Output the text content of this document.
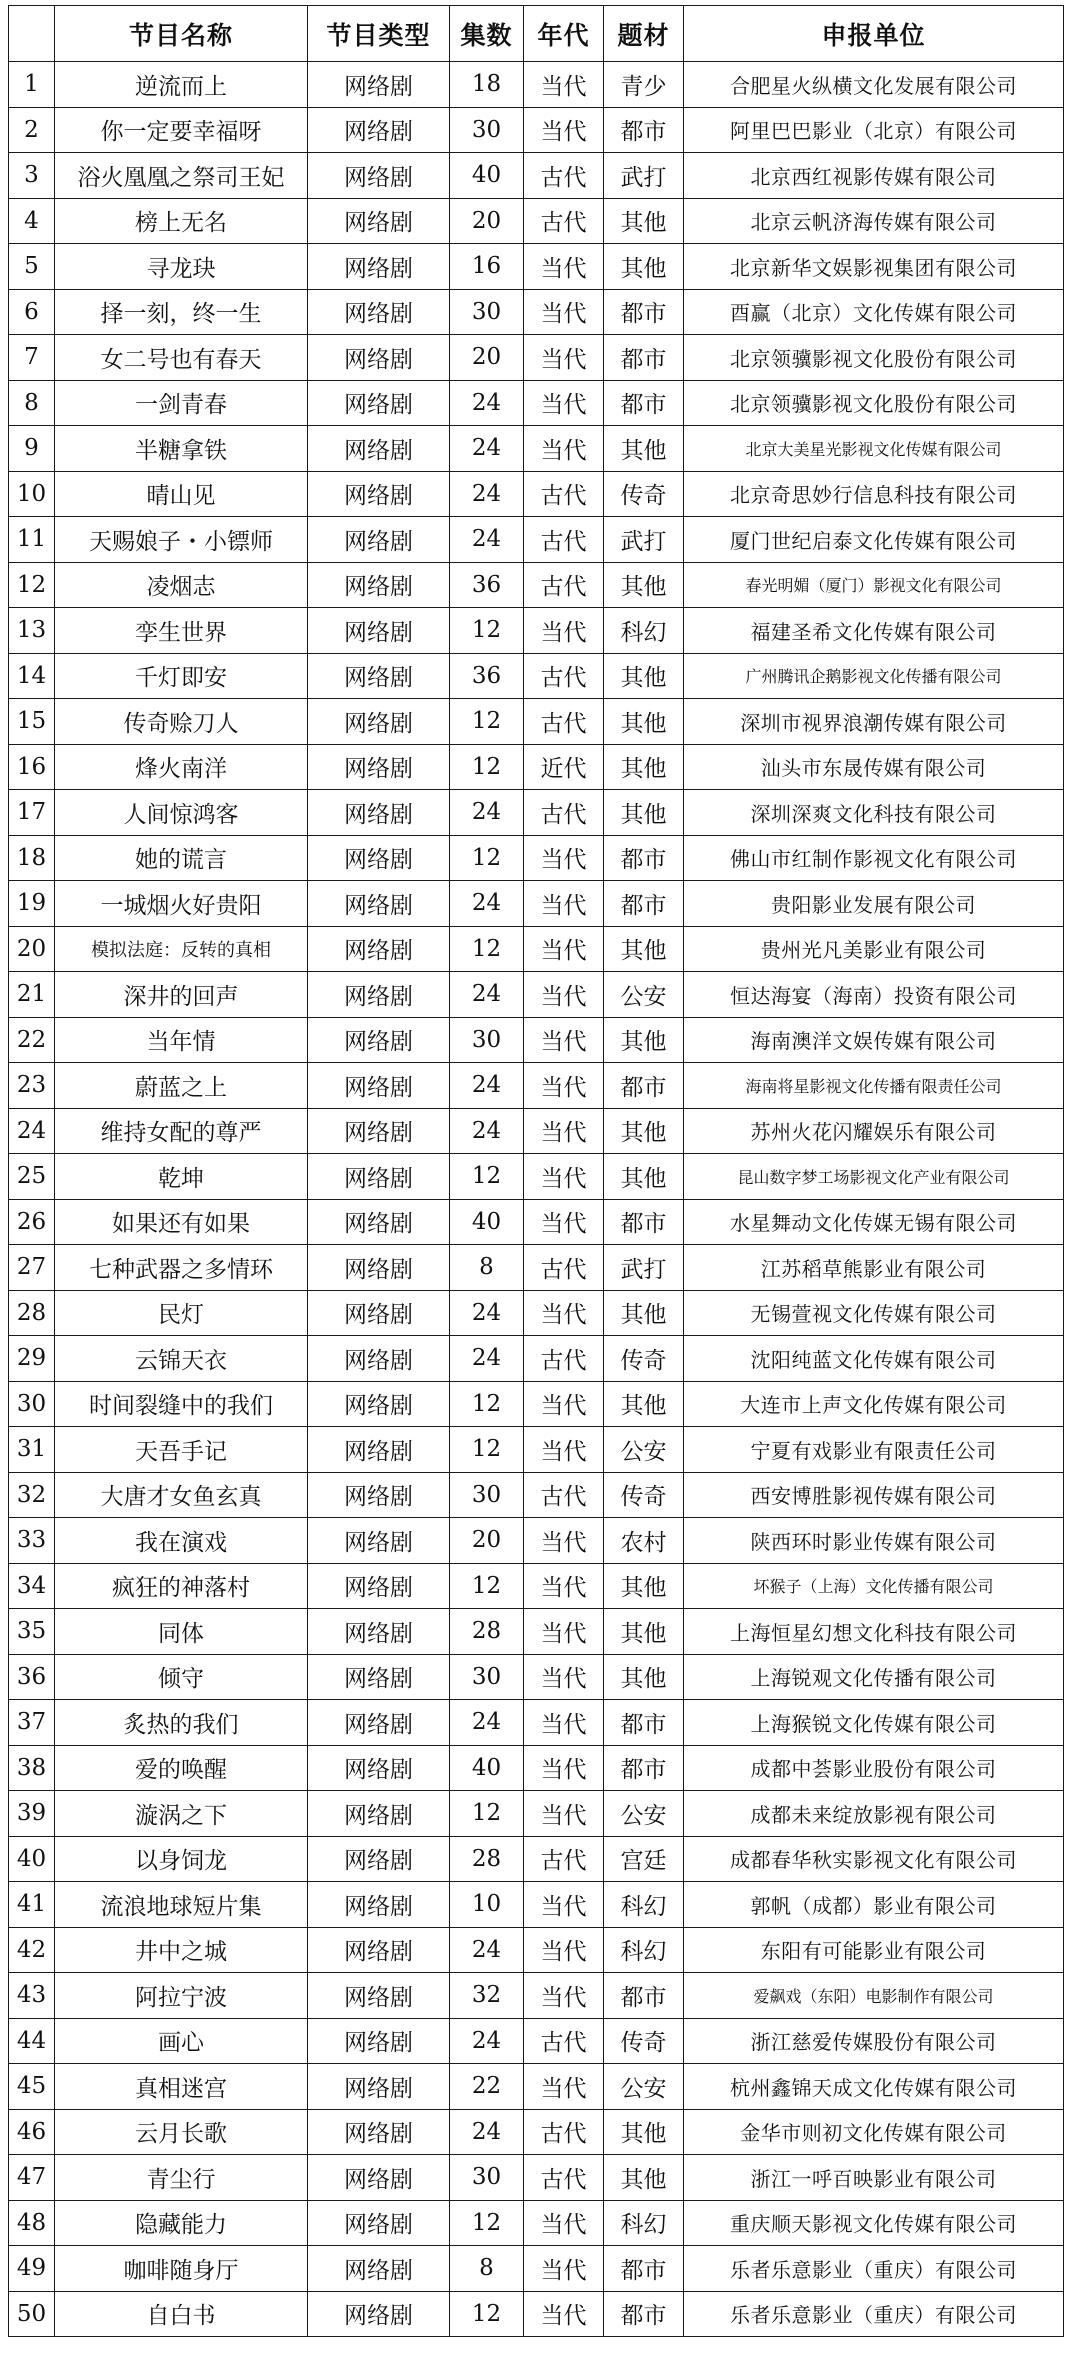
	节目名称	节目类型	集数	年代	题材	申报单位
1	逆流而上	网络剧	18	当代	青少	合肥星火纵横文化发展有限公司
2	你一定要幸福呀	网络剧	30	当代	都市	阿里巴巴影业（北京）有限公司
3	浴火凰凰之祭司王妃	网络剧	40	古代	武打	北京西红视影传媒有限公司
4	榜上无名	网络剧	20	古代	其他	北京云帆济海传媒有限公司
5	寻龙玦	网络剧	16	当代	其他	北京新华文娱影视集团有限公司
6	择一刻，终一生	网络剧	30	当代	都市	酉赢（北京）文化传媒有限公司
7	女二号也有春天	网络剧	20	当代	都市	北京领骥影视文化股份有限公司
8	一剑青春	网络剧	24	当代	都市	北京领骥影视文化股份有限公司
9	半糖拿铁	网络剧	24	当代	其他	北京大美星光影视文化传媒有限公司
10	晴山见	网络剧	24	古代	传奇	北京奇思妙行信息科技有限公司
11	天赐娘子・小镖师	网络剧	24	古代	武打	厦门世纪启泰文化传媒有限公司
12	凌烟志	网络剧	36	古代	其他	春光明媚（厦门）影视文化有限公司
13	孪生世界	网络剧	12	当代	科幻	福建圣希文化传媒有限公司
14	千灯即安	网络剧	36	古代	其他	广州腾讯企鹅影视文化传播有限公司
15	传奇赊刀人	网络剧	12	古代	其他	深圳市视界浪潮传媒有限公司
16	烽火南洋	网络剧	12	近代	其他	汕头市东晟传媒有限公司
17	人间惊鸿客	网络剧	24	古代	其他	深圳深爽文化科技有限公司
18	她的谎言	网络剧	12	当代	都市	佛山市红制作影视文化有限公司
19	一城烟火好贵阳	网络剧	24	当代	都市	贵阳影业发展有限公司
20	模拟法庭：反转的真相	网络剧	12	当代	其他	贵州光凡美影业有限公司
21	深井的回声	网络剧	24	当代	公安	恒达海宴（海南）投资有限公司
22	当年情	网络剧	30	当代	其他	海南澳洋文娱传媒有限公司
23	蔚蓝之上	网络剧	24	当代	都市	海南将星影视文化传播有限责任公司
24	维持女配的尊严	网络剧	24	当代	其他	苏州火花闪耀娱乐有限公司
25	乾坤	网络剧	12	当代	其他	昆山数字梦工场影视文化产业有限公司
26	如果还有如果	网络剧	40	当代	都市	水星舞动文化传媒无锡有限公司
27	七种武器之多情环	网络剧	8	古代	武打	江苏稻草熊影业有限公司
28	民灯	网络剧	24	当代	其他	无锡萱视文化传媒有限公司
29	云锦天衣	网络剧	24	古代	传奇	沈阳纯蓝文化传媒有限公司
30	时间裂缝中的我们	网络剧	12	当代	其他	大连市上声文化传媒有限公司
31	天吾手记	网络剧	12	当代	公安	宁夏有戏影业有限责任公司
32	大唐才女鱼玄真	网络剧	30	古代	传奇	西安博胜影视传媒有限公司
33	我在演戏	网络剧	20	当代	农村	陕西环时影业传媒有限公司
34	疯狂的神落村	网络剧	12	当代	其他	坏猴子（上海）文化传播有限公司
35	同体	网络剧	28	当代	其他	上海恒星幻想文化科技有限公司
36	倾守	网络剧	30	当代	其他	上海锐观文化传播有限公司
37	炙热的我们	网络剧	24	当代	都市	上海猴锐文化传媒有限公司
38	爱的唤醒	网络剧	40	当代	都市	成都中荟影业股份有限公司
39	漩涡之下	网络剧	12	当代	公安	成都未来绽放影视有限公司
40	以身饲龙	网络剧	28	古代	宫廷	成都春华秋实影视文化有限公司
41	流浪地球短片集	网络剧	10	当代	科幻	郭帆（成都）影业有限公司
42	井中之城	网络剧	24	当代	科幻	东阳有可能影业有限公司
43	阿拉宁波	网络剧	32	当代	都市	爱飙戏（东阳）电影制作有限公司
44	画心	网络剧	24	古代	传奇	浙江慈爱传媒股份有限公司
45	真相迷宫	网络剧	22	当代	公安	杭州鑫锦天成文化传媒有限公司
46	云月长歌	网络剧	24	古代	其他	金华市则初文化传媒有限公司
47	青尘行	网络剧	30	古代	其他	浙江一呼百映影业有限公司
48	隐藏能力	网络剧	12	当代	科幻	重庆顺天影视文化传媒有限公司
49	咖啡随身厅	网络剧	8	当代	都市	乐者乐意影业（重庆）有限公司
50	自白书	网络剧	12	当代	都市	乐者乐意影业（重庆）有限公司
